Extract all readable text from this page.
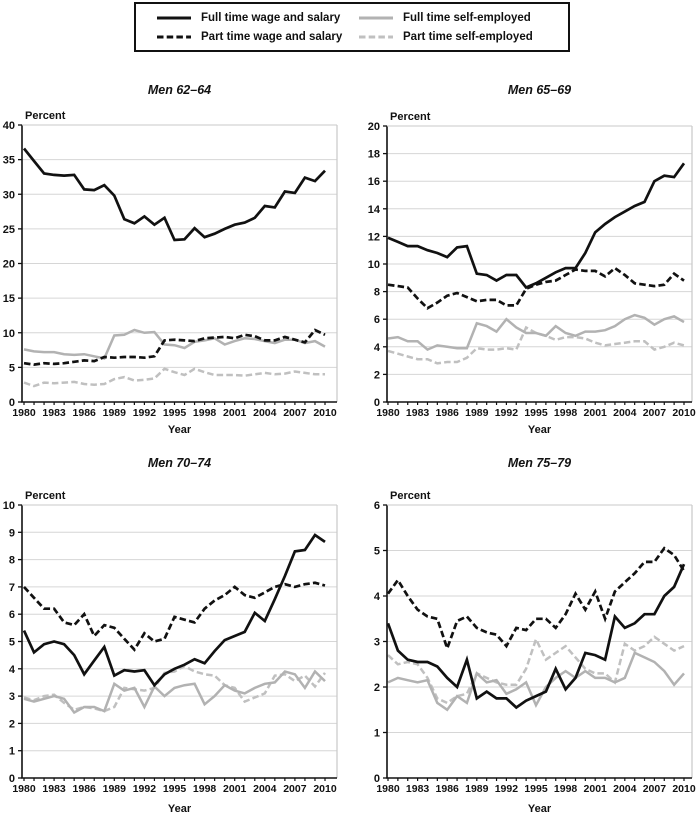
Full time wage and salary
Part time wage and salary
Full time self-employed
Part time self-employed
0
5
10
15
20
25
30
35
40
1980 1983 1986 1989 1992 1995 1998 2001 2004 2007 2010
Men 62–64
Percent
Year
0
2
4
6
8
10
12
14
16
18
20
1980 1983 1986 1989 1992 1995 1998 2001 2004 2007 2010
Men 65–69
Percent
Year
0
1
2
3
4
5
6
7
8
9
10
1980 1983 1986 1989 1992 1995 1998 2001 2004 2007 2010
Men 70–74
Percent
Year
0
1
2
3
4
5
6
1980 1983 1986 1989 1992 1995 1998 2001 2004 2007 2010
Men 75–79
Percent
Year
